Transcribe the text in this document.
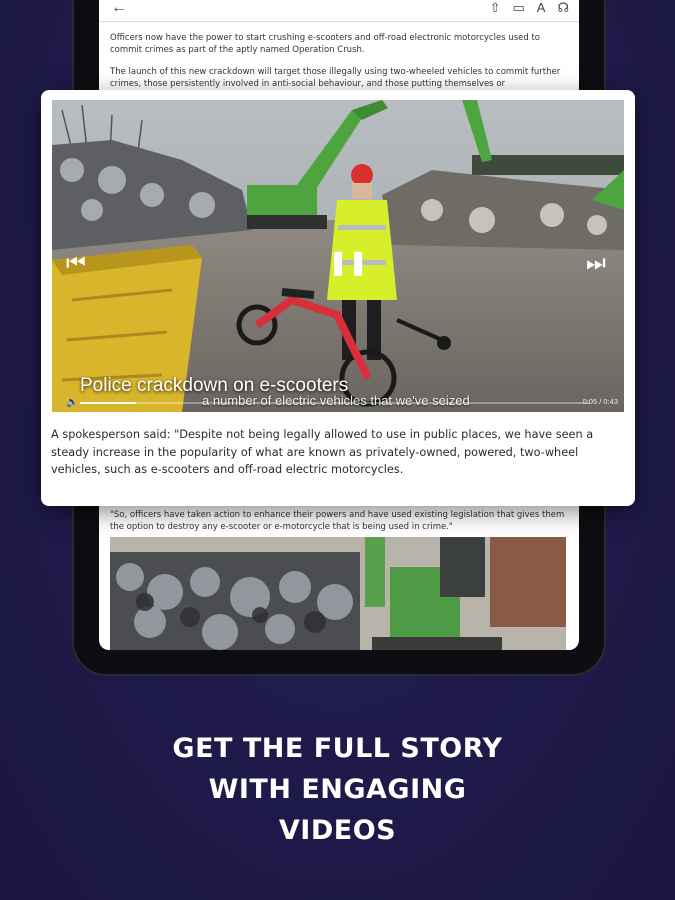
←	⇧ ▭ A ☊

Officers now have the power to start crushing e-scooters and off-road electronic motorcycles used to commit crimes as part of the aptly named Operation Crush.

The launch of this new crackdown will target those illegally using two-wheeled vehicles to commit further crimes, those persistently involved in anti-social behaviour, and those putting themselves or

"So, officers have taken action to enhance their powers and have used existing legislation that gives them the option to destroy any e-scooter or e-motorcycle that is being used in crime."
⏮	❚❚	⏭
Police crackdown on e-scooters
a number of electric vehicles that we've seized
🔈	0:05 / 0:43
A spokesperson said: "Despite not being legally allowed to use in public places, we have seen a steady increase in the popularity of what are known as privately-owned, powered, two-wheel vehicles, such as e-scooters and off-road electric motorcycles.
GET THE FULL STORY
WITH ENGAGING
VIDEOS
